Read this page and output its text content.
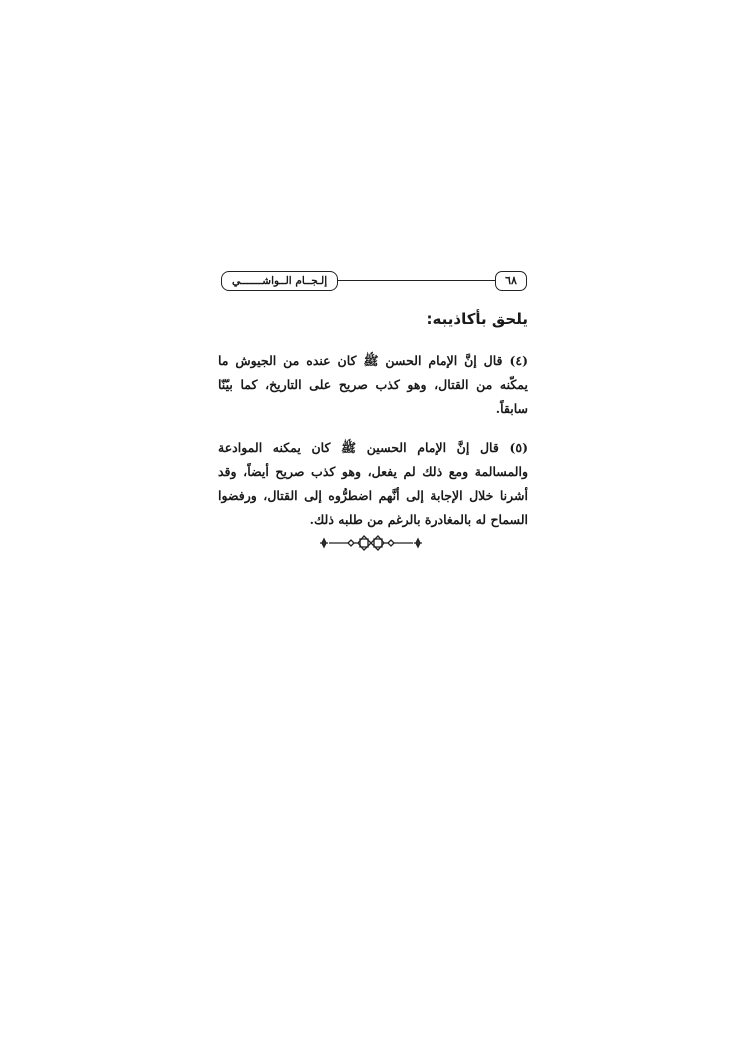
إلـجــام الــواشـــــــي	٦٨
يلحق بأكاذيبه:

(٤) قال إنَّ الإمام الحسن ﷺ كان عنده من الجيوش ما يمكّنه من القتال، وهو كذب صريح على التاريخ، كما بيّنّا سابقاً.

(٥) قال إنَّ الإمام الحسين ﷺ كان يمكنه الموادعة والمسالمة ومع ذلك لم يفعل، وهو كذب صريح أيضاً، وقد أشرنا خلال الإجابة إلى أنَّهم اضطرُّوه إلى القتال، ورفضوا السماح له بالمغادرة بالرغم من طلبه ذلك.
